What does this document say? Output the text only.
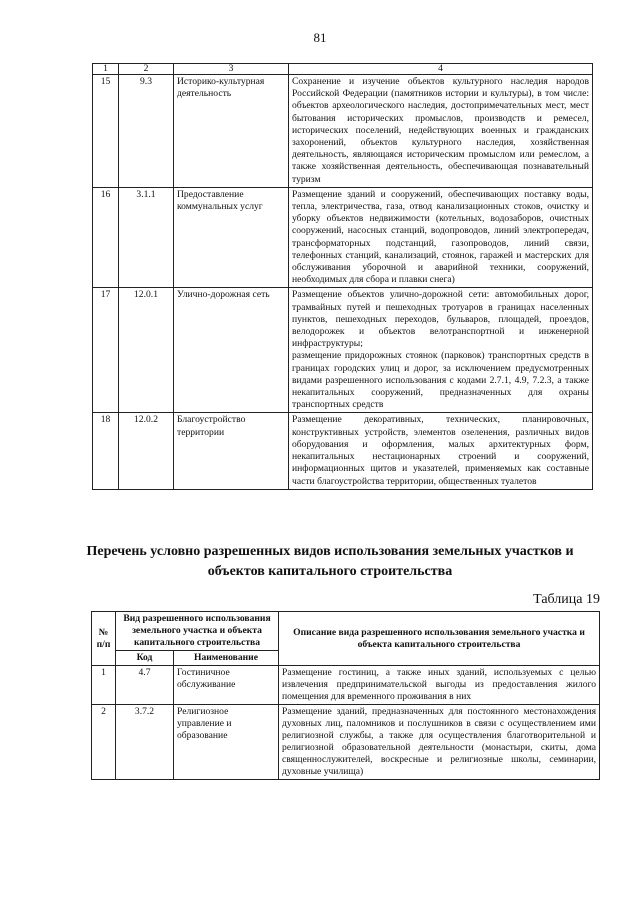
81
1	2	3	4
15	9.3	Историко-культурная деятельность	Сохранение и изучение объектов культурного наследия народов Российской Федерации (памятников истории и культуры), в том числе: объектов археологического наследия, достопримечательных мест, мест бытования исторических промыслов, производств и ремесел, исторических поселений, недействующих военных и гражданских захоронений, объектов культурного наследия, хозяйственная деятельность, являющаяся историческим промыслом или ремеслом, а также хозяйственная деятельность, обеспечивающая познавательный туризм
16	3.1.1	Предоставление коммунальных услуг	Размещение зданий и сооружений, обеспечивающих поставку воды, тепла, электричества, газа, отвод канализационных стоков, очистку и уборку объектов недвижимости (котельных, водозаборов, очистных сооружений, насосных станций, водопроводов, линий электропередач, трансформаторных подстанций, газопроводов, линий связи, телефонных станций, канализаций, стоянок, гаражей и мастерских для обслуживания уборочной и аварийной техники, сооружений, необходимых для сбора и плавки снега)
17	12.0.1	Улично-дорожная сеть	Размещение объектов улично-дорожной сети: автомобильных дорог, трамвайных путей и пешеходных тротуаров в границах населенных пунктов, пешеходных переходов, бульваров, площадей, проездов, велодорожек и объектов велотранспортной и инженерной инфраструктуры;
размещение придорожных стоянок (парковок) транспортных средств в границах городских улиц и дорог, за исключением предусмотренных видами разрешенного использования с кодами 2.7.1, 4.9, 7.2.3, а также некапитальных сооружений, предназначенных для охраны транспортных средств

18	12.0.2	Благоустройство территории	Размещение декоративных, технических, планировочных, конструктивных устройств, элементов озеленения, различных видов оборудования и оформления, малых архитектурных форм, некапитальных нестационарных строений и сооружений, информационных щитов и указателей, применяемых как составные части благоустройства территории, общественных туалетов
Перечень условно разрешенных видов использования земельных участков и объектов капитального строительства
Таблица 19
№ п/п	Вид разрешенного использования земельного участка и объекта капитального строительства		Описание вида разрешенного использования земельного участка и объекта капитального строительства
	Код	Наименование	
1	4.7	Гостиничное обслуживание	Размещение гостиниц, а также иных зданий, используемых с целью извлечения предпринимательской выгоды из предоставления жилого помещения для временного проживания в них
2	3.7.2	Религиозное управление и образование	Размещение зданий, предназначенных для постоянного местонахождения духовных лиц, паломников и послушников в связи с осуществлением ими религиозной службы, а также для осуществления благотворительной и религиозной образовательной деятельности (монастыри, скиты, дома священнослужителей, воскресные и религиозные школы, семинарии, духовные училища)
